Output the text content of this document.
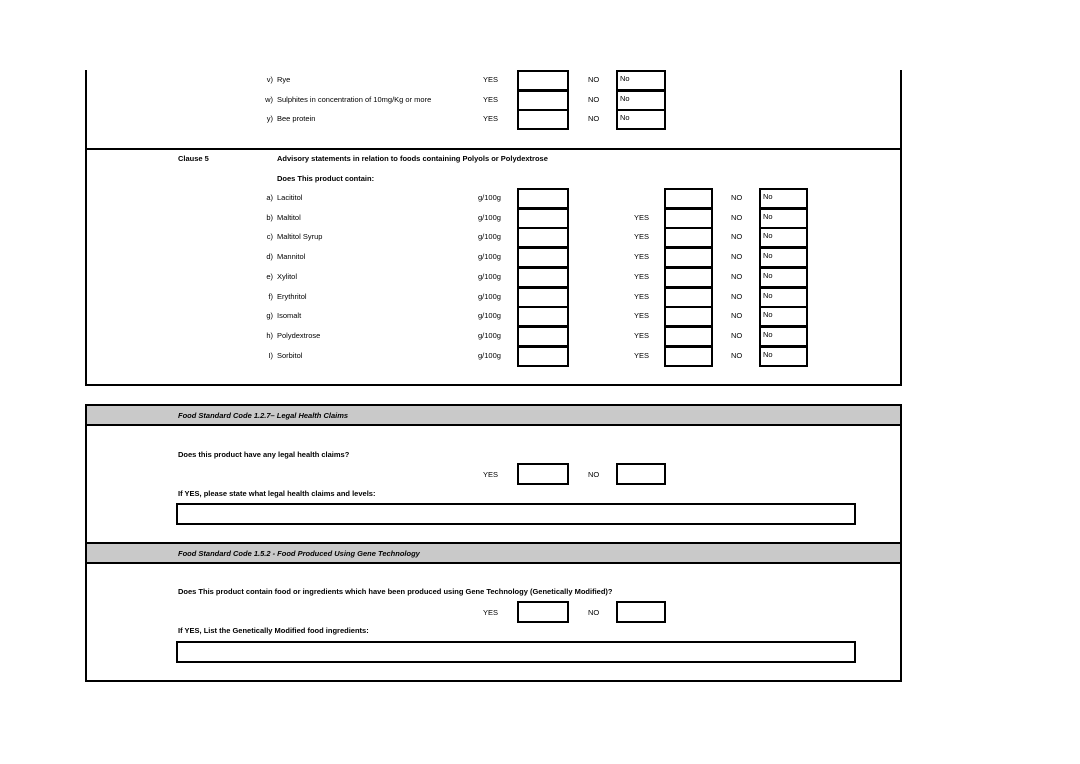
v) Rye	YES	NO	No
w) Sulphites in concentration of 10mg/Kg or more	YES	NO	No
y) Bee protein	YES	NO	No
Clause 5	Advisory statements in relation to foods containing Polyols or Polydextrose
Does This product contain:
a) Lacititol	g/100g	NO	No
b) Maltitol	g/100g	YES	NO	No
c) Maltitol Syrup	g/100g	YES	NO	No
d) Mannitol	g/100g	YES	NO	No
e) Xylitol	g/100g	YES	NO	No
f) Erythritol	g/100g	YES	NO	No
g) Isomalt	g/100g	YES	NO	No
h) Polydextrose	g/100g	YES	NO	No
I) Sorbitol	g/100g	YES	NO	No
Food Standard Code 1.2.7– Legal Health Claims
Does this product have any legal health claims?
YES	NO
If YES, please state what legal health claims and levels:
Food Standard Code 1.5.2 - Food Produced Using Gene Technology
Does This product contain food or ingredients which have been produced using Gene Technology (Genetically Modified)?
YES	NO
If YES, List the Genetically Modified food ingredients:
